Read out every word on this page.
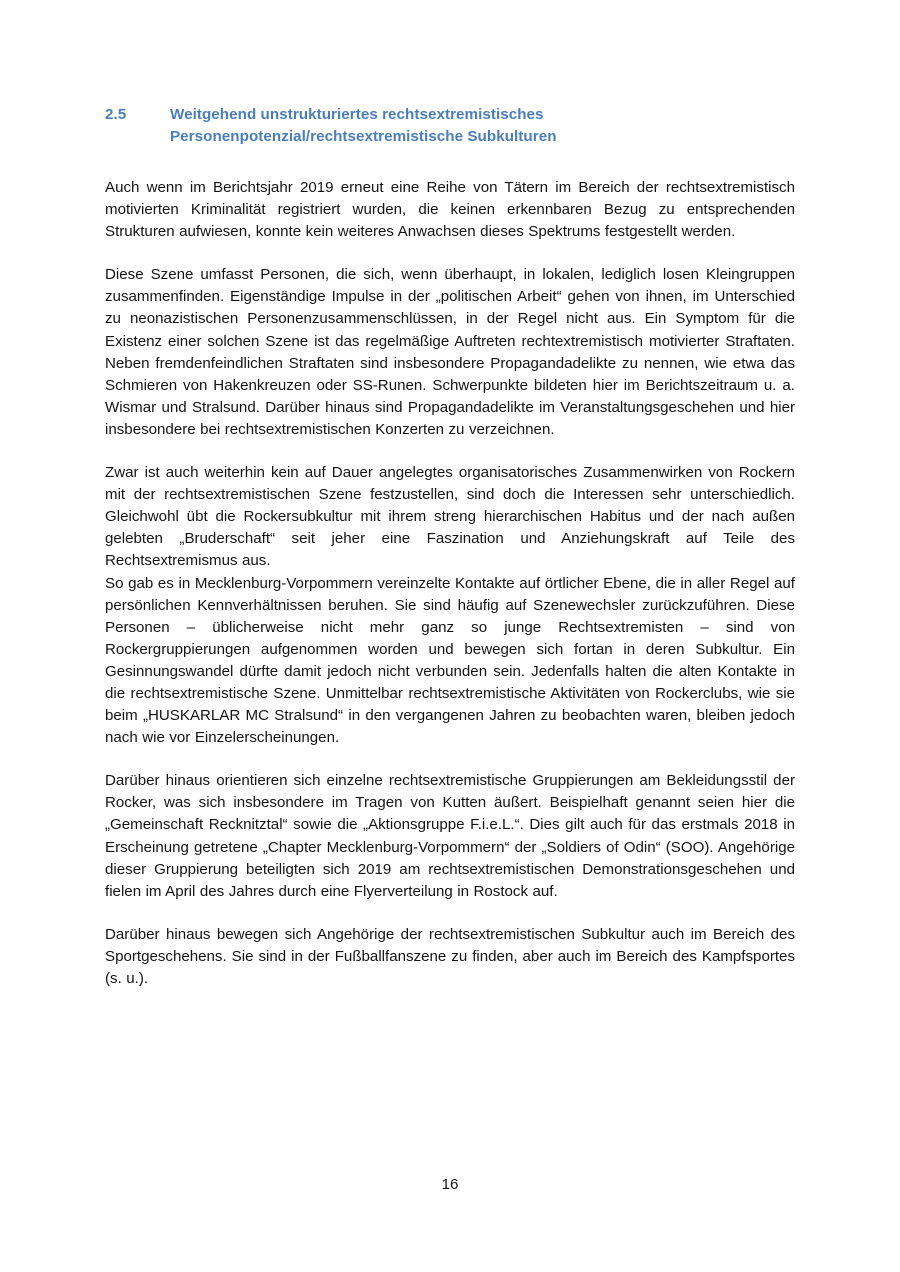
2.5	Weitgehend unstrukturiertes rechtsextremistisches Personenpotenzial/rechtsextremistische Subkulturen

Auch wenn im Berichtsjahr 2019 erneut eine Reihe von Tätern im Bereich der rechtsextremistisch motivierten Kriminalität registriert wurden, die keinen erkennbaren Bezug zu entsprechenden Strukturen aufwiesen, konnte kein weiteres Anwachsen dieses Spektrums festgestellt werden.

Diese Szene umfasst Personen, die sich, wenn überhaupt, in lokalen, lediglich losen Kleingruppen zusammenfinden. Eigenständige Impulse in der „politischen Arbeit“ gehen von ihnen, im Unterschied zu neonazistischen Personenzusammenschlüssen, in der Regel nicht aus. Ein Symptom für die Existenz einer solchen Szene ist das regelmäßige Auftreten rechtextremistisch motivierter Straftaten. Neben fremdenfeindlichen Straftaten sind insbesondere Propagandadelikte zu nennen, wie etwa das Schmieren von Hakenkreuzen oder SS-Runen. Schwerpunkte bildeten hier im Berichtszeitraum u. a. Wismar und Stralsund. Darüber hinaus sind Propagandadelikte im Veranstaltungsgeschehen und hier insbesondere bei rechtsextremistischen Konzerten zu verzeichnen.

Zwar ist auch weiterhin kein auf Dauer angelegtes organisatorisches Zusammenwirken von Rockern mit der rechtsextremistischen Szene festzustellen, sind doch die Interessen sehr unterschiedlich. Gleichwohl übt die Rockersubkultur mit ihrem streng hierarchischen Habitus und der nach außen gelebten „Bruderschaft“ seit jeher eine Faszination und Anziehungskraft auf Teile des Rechtsextremismus aus.

So gab es in Mecklenburg-Vorpommern vereinzelte Kontakte auf örtlicher Ebene, die in aller Regel auf persönlichen Kennverhältnissen beruhen. Sie sind häufig auf Szenewechsler zurückzuführen. Diese Personen – üblicherweise nicht mehr ganz so junge Rechtsextremisten – sind von Rockergruppierungen aufgenommen worden und bewegen sich fortan in deren Subkultur. Ein Gesinnungswandel dürfte damit jedoch nicht verbunden sein. Jedenfalls halten die alten Kontakte in die rechtsextremistische Szene. Unmittelbar rechtsextremistische Aktivitäten von Rockerclubs, wie sie beim „HUSKARLAR MC Stralsund“ in den vergangenen Jahren zu beobachten waren, bleiben jedoch nach wie vor Einzelerscheinungen.

Darüber hinaus orientieren sich einzelne rechtsextremistische Gruppierungen am Bekleidungsstil der Rocker, was sich insbesondere im Tragen von Kutten äußert. Beispielhaft genannt seien hier die „Gemeinschaft Recknitztal“ sowie die „Aktionsgruppe F.i.e.L.“. Dies gilt auch für das erstmals 2018 in Erscheinung getretene „Chapter Mecklenburg-Vorpommern“ der „Soldiers of Odin“ (SOO). Angehörige dieser Gruppierung beteiligten sich 2019 am rechtsextremistischen Demonstrationsgeschehen und fielen im April des Jahres durch eine Flyerverteilung in Rostock auf.

Darüber hinaus bewegen sich Angehörige der rechtsextremistischen Subkultur auch im Bereich des Sportgeschehens. Sie sind in der Fußballfanszene zu finden, aber auch im Bereich des Kampfsportes (s. u.).

16
